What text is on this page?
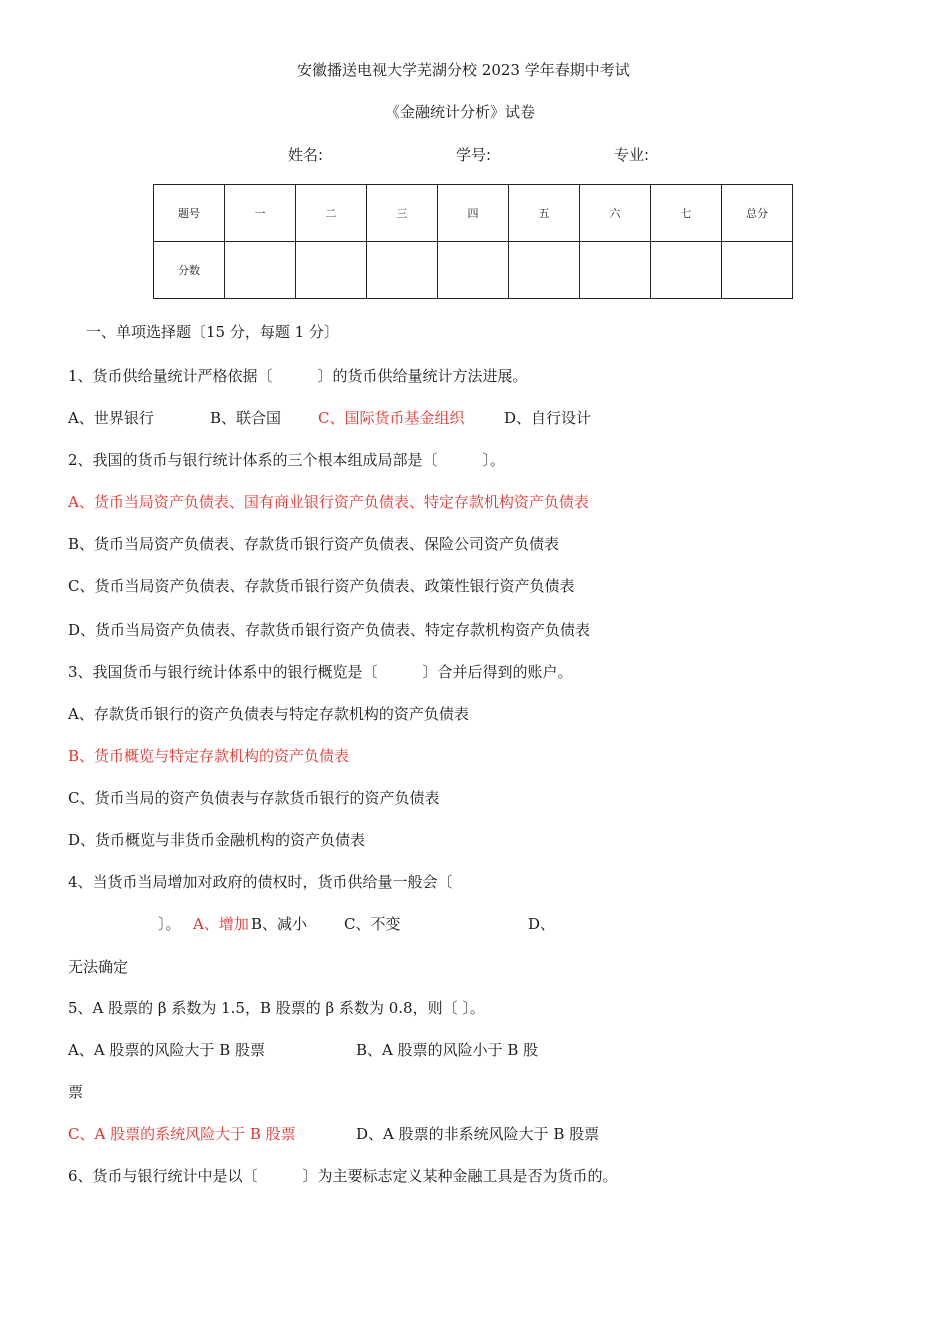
安徽播送电视大学芜湖分校 2023 学年春期中考试
《金融统计分析》试卷
姓名:	学号:	专业:
题号	一	二	三	四	五	六	七	总分
分数								
一、单项选择题〔15 分，每题 1 分〕
1、货币供给量统计严格依据〔　　　〕的货币供给量统计方法进展。
A、世界银行	B、联合国 C、国际货币基金组织	D、自行设计
2、我国的货币与银行统计体系的三个根本组成局部是〔　　　〕。
A、货币当局资产负债表、国有商业银行资产负债表、特定存款机构资产负债表
B、货币当局资产负债表、存款货币银行资产负债表、保险公司资产负债表
C、货币当局资产负债表、存款货币银行资产负债表、政策性银行资产负债表
D、货币当局资产负债表、存款货币银行资产负债表、特定存款机构资产负债表
3、我国货币与银行统计体系中的银行概览是〔　　　〕合并后得到的账户。
A、存款货币银行的资产负债表与特定存款机构的资产负债表
B、货币概览与特定存款机构的资产负债表
C、货币当局的资产负债表与存款货币银行的资产负债表
D、货币概览与非货币金融机构的资产负债表
4、当货币当局增加对政府的债权时，货币供给量一般会〔
〕。 A、增加 B、减小 C、不变	D、
无法确定
5、A 股票的 β 系数为 1.5，B 股票的 β 系数为 0.8，则〔 〕。
A、A 股票的风险大于 B 股票	B、A 股票的风险小于 B 股
票
C、A 股票的系统风险大于 B 股票	D、A 股票的非系统风险大于 B 股票
6、货币与银行统计中是以〔　　　〕为主要标志定义某种金融工具是否为货币的。
